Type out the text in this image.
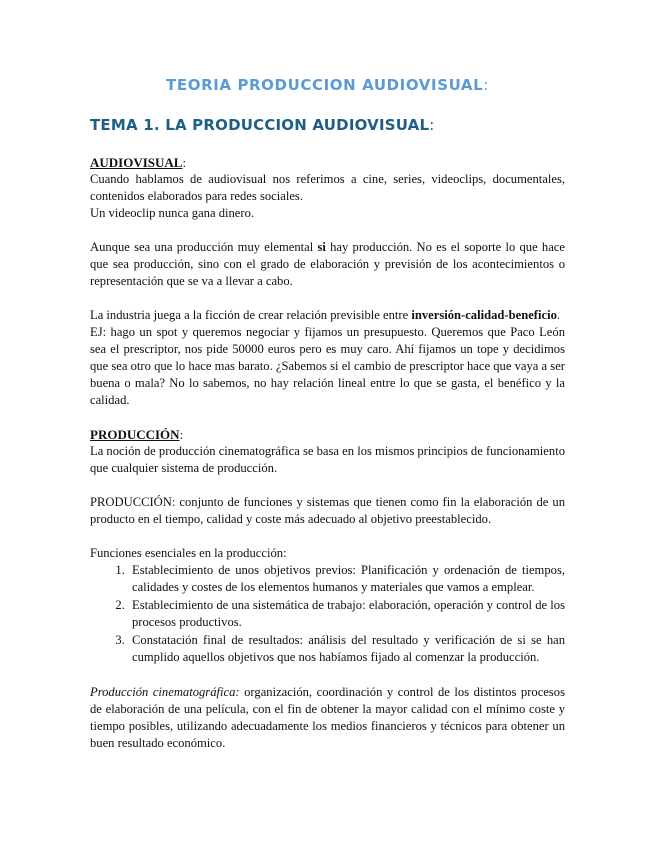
TEORIA PRODUCCION AUDIOVISUAL:
TEMA 1. LA PRODUCCION AUDIOVISUAL:
AUDIOVISUAL:

Cuando hablamos de audiovisual nos referimos a cine, series, videoclips, documentales, contenidos elaborados para redes sociales.

Un videoclip nunca gana dinero.

Aunque sea una producción muy elemental si hay producción. No es el soporte lo que hace que sea producción, sino con el grado de elaboración y previsión de los acontecimientos o representación que se va a llevar a cabo.

La industria juega a la ficción de crear relación previsible entre inversión-calidad-beneficio.

EJ: hago un spot y queremos negociar y fijamos un presupuesto. Queremos que Paco León sea el prescriptor, nos pide 50000 euros pero es muy caro. Ahí fijamos un tope y decidimos que sea otro que lo hace mas barato. ¿Sabemos si el cambio de prescriptor hace que vaya a ser buena o mala? No lo sabemos, no hay relación lineal entre lo que se gasta, el benéfico y la calidad.

PRODUCCIÓN:

La noción de producción cinematográfica se basa en los mismos principios de funcionamiento que cualquier sistema de producción.

PRODUCCIÓN: conjunto de funciones y sistemas que tienen como fin la elaboración de un producto en el tiempo, calidad y coste más adecuado al objetivo preestablecido.

Funciones esenciales en la producción:

1. Establecimiento de unos objetivos previos: Planificación y ordenación de tiempos, calidades y costes de los elementos humanos y materiales que vamos a emplear.
2. Establecimiento de una sistemática de trabajo: elaboración, operación y control de los procesos productivos.
3. Constatación final de resultados: análisis del resultado y verificación de si se han cumplido aquellos objetivos que nos habíamos fijado al comenzar la producción.

Producción cinematográfica: organización, coordinación y control de los distintos procesos de elaboración de una película, con el fin de obtener la mayor calidad con el mínimo coste y tiempo posibles, utilizando adecuadamente los medios financieros y técnicos para obtener un buen resultado económico.
